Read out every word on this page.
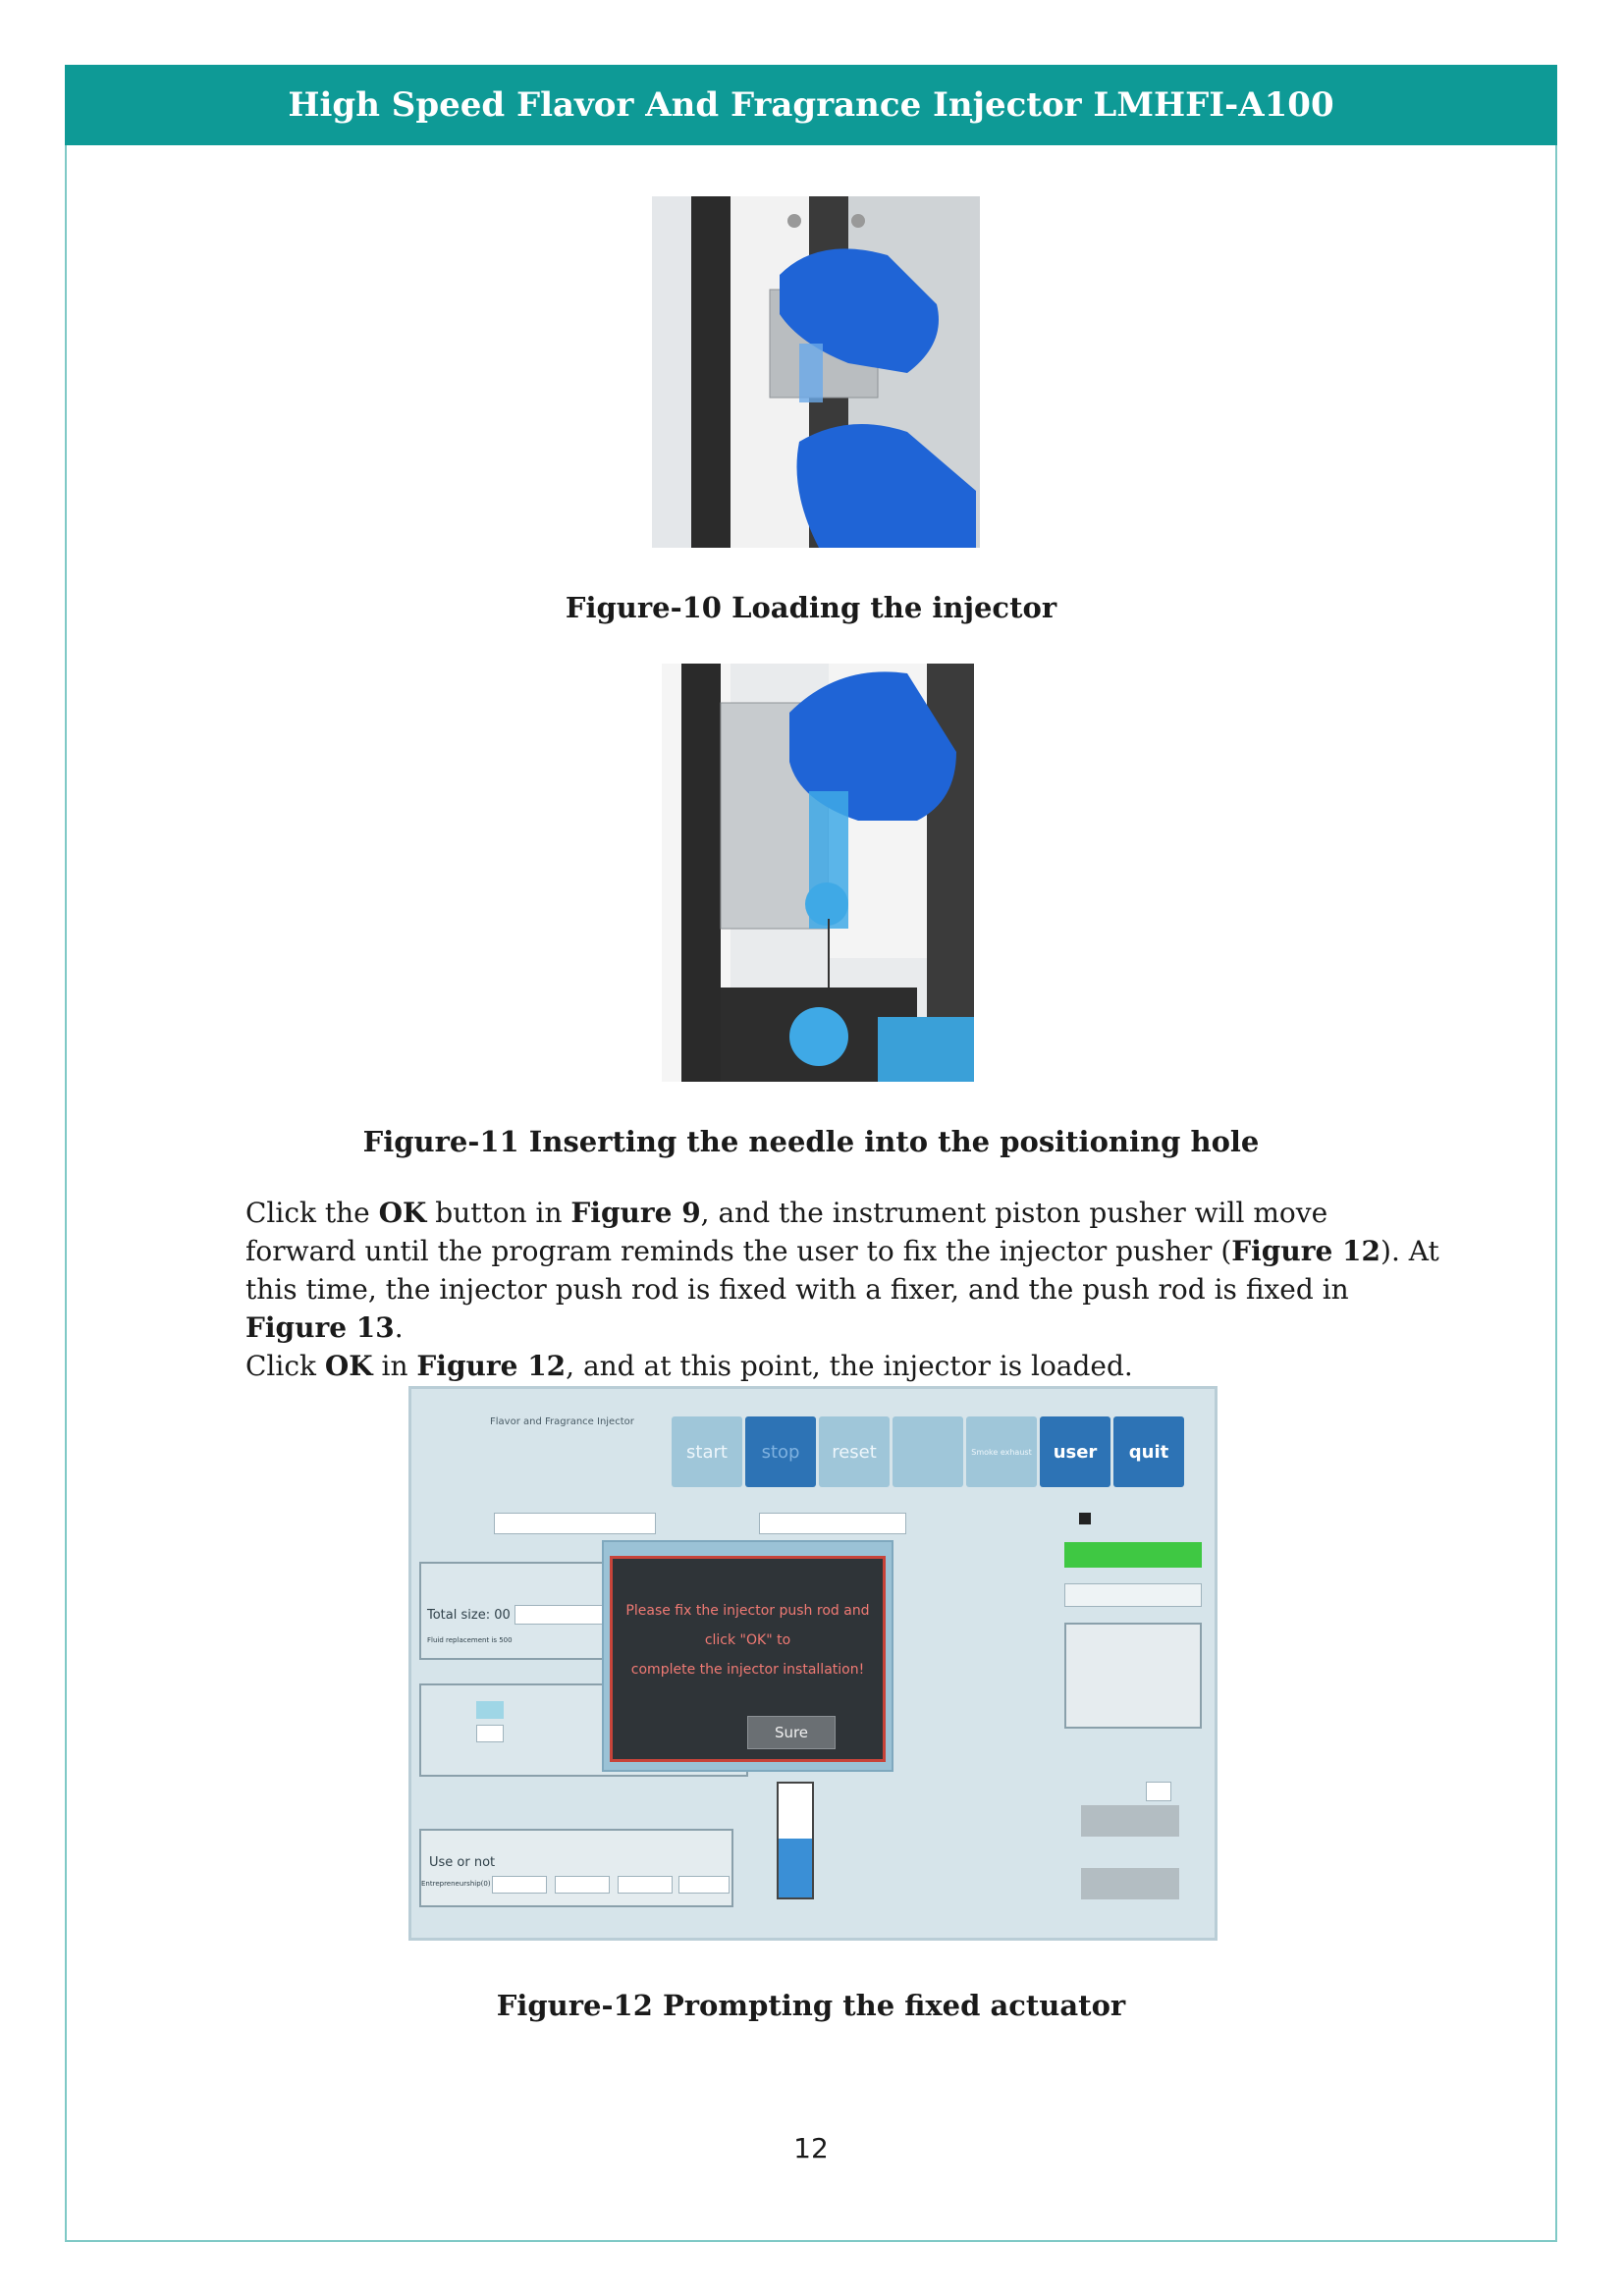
High Speed Flavor And Fragrance Injector LMHFI-A100
Figure-10 Loading the injector
Figure-11 Inserting the needle into the positioning hole
Click the OK button in Figure 9, and the instrument piston pusher will move forward until the program reminds the user to fix the injector pusher (Figure 12). At this time, the injector push rod is fixed with a fixer, and the push rod is fixed in Figure 13.
Click OK in Figure 12, and at this point, the injector is loaded.
Flavor and Fragrance Injector
start	stop	reset	Smoke exhaust	user	quit
Total size: 00
Fluid replacement is 500
Use or not
Entrepreneurship(0)
Please fix the injector push rod and click "OK" to
complete the injector installation!
Sure
Figure-12 Prompting the fixed actuator
12
